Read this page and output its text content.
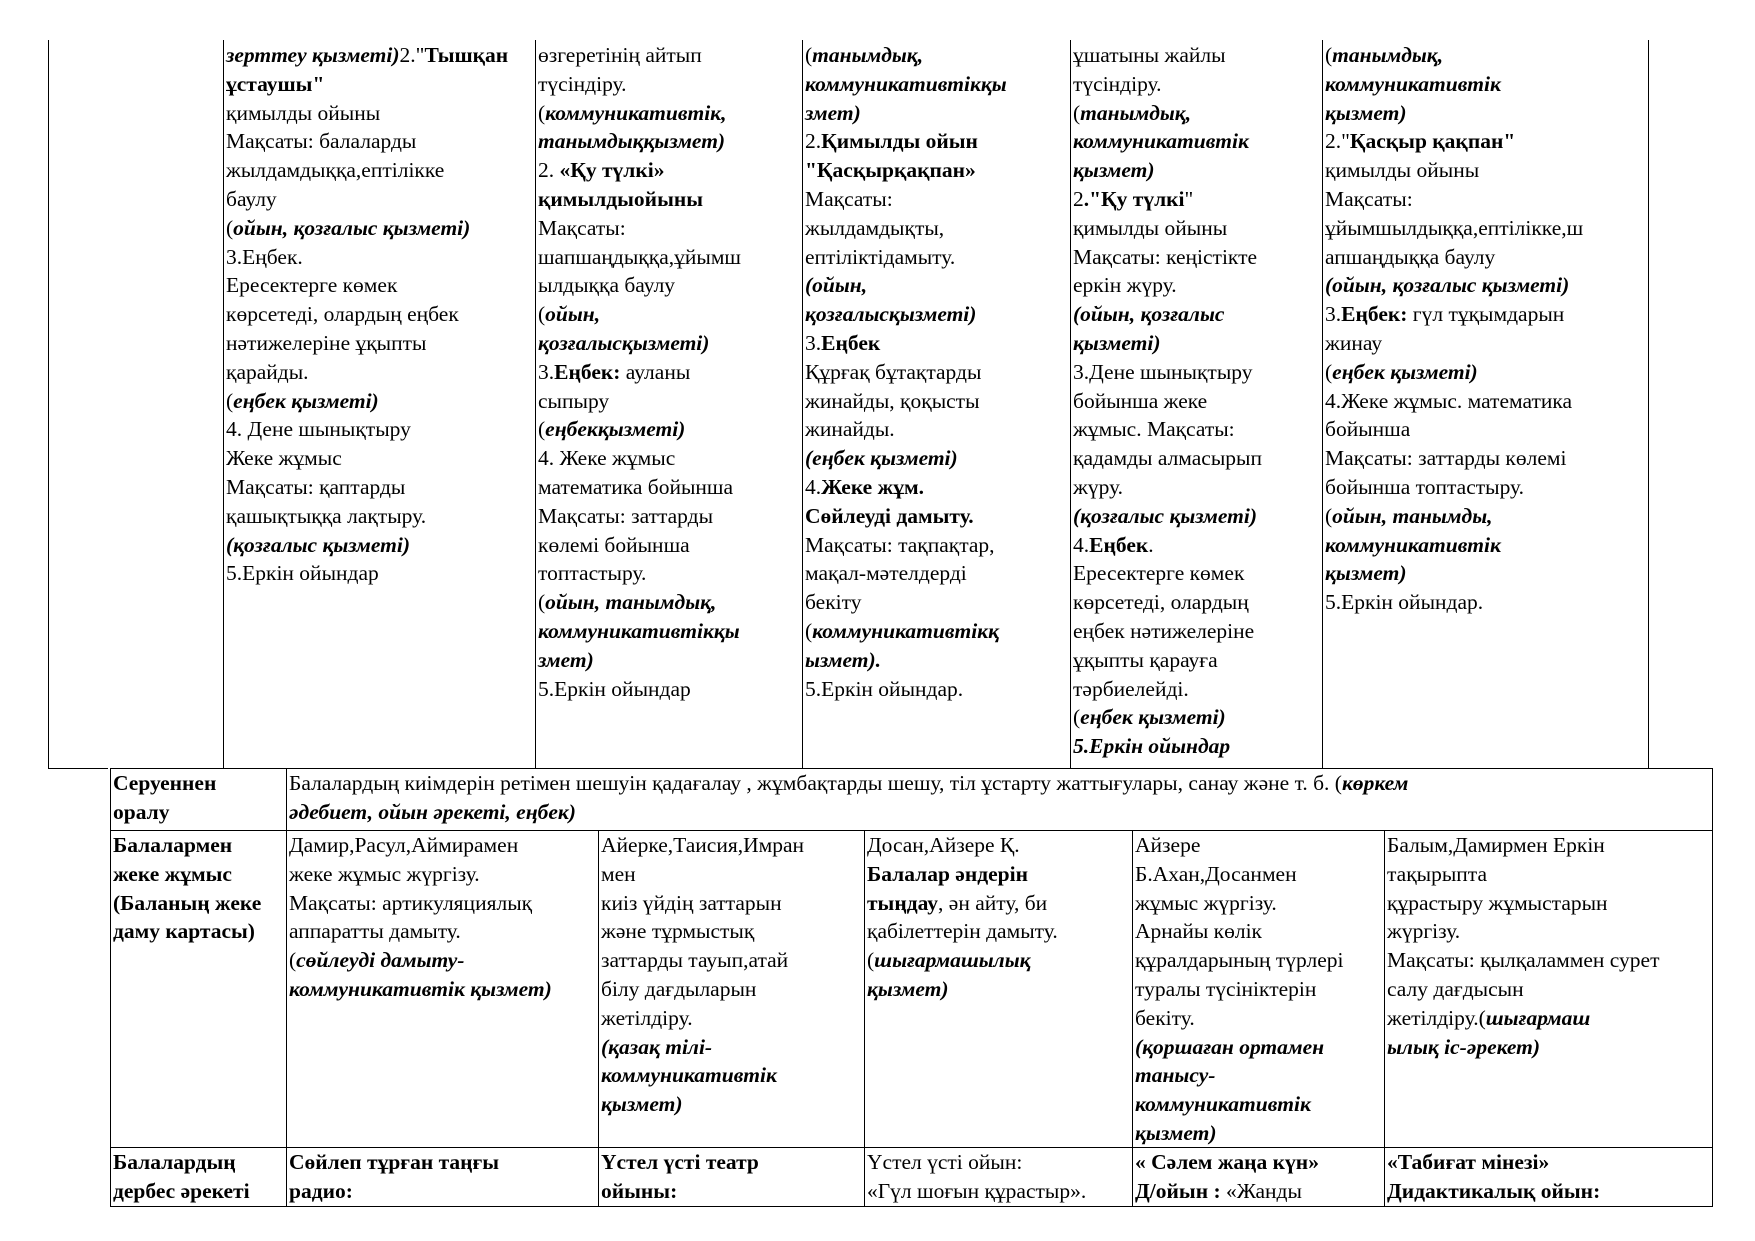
зерттеу қызметі)2."Тышқан ұстаушы"
қимылды ойыны
Мақсаты: балаларды
жылдамдыққа,ептілікке
баулу
(ойын, қозғалыс қызметі)
3.Еңбек.
Ересектерге көмек
көрсетеді, олардың еңбек
нәтижелеріне ұқыпты
қарайды.
(еңбек қызметі)
4. Дене шынықтыру
Жеке жұмыс
Мақсаты: қаптарды
қашықтыққа лақтыру.
(қозғалыс қызметі)
5.Еркін ойындар
өзгеретінің айтып
түсіндіру.
(коммуникативтік,
танымдыққызмет)
2. «Қу түлкі»
қимылдыойыны
Мақсаты:
шапшаңдыққа,ұйымш
ылдыққа баулу
(ойын,
қозғалысқызметі)
3.Еңбек: ауланы
сыпыру
(еңбекқызметі)
4. Жеке жұмыс
математика бойынша
Мақсаты: заттарды
көлемі бойынша
топтастыру.
(ойын, танымдық,
коммуникативтікқы
змет)
5.Еркін ойындар
(танымдық,
коммуникативтікқы
змет)
2.Қимылды ойын
"Қасқырқақпан»
Мақсаты:
жылдамдықты,
ептіліктідамыту.
(ойын,
қозғалысқызметі)
3.Еңбек
Құрғақ бұтақтарды
жинайды, қоқысты
жинайды.
(еңбек қызметі)
4.Жеке жұм.
Сөйлеуді дамыту.
Мақсаты: тақпақтар,
мақал-мәтелдерді
бекіту
(коммуникативтікқ
ызмет).
5.Еркін ойындар.
ұшатыны жайлы
түсіндіру.
(танымдық,
коммуникативтік
қызмет)
2."Қу түлкі"
қимылды ойыны
Мақсаты: кеңістікте
еркін жүру.
(ойын, қозғалыс
қызметі)
3.Дене шынықтыру
бойынша жеке
жұмыс. Мақсаты:
қадамды алмасырып
жүру.
(қозғалыс қызметі)
4.Еңбек.
Ересектерге көмек
көрсетеді, олардың
еңбек нәтижелеріне
ұқыпты қарауға
тәрбиелейді.
(еңбек қызметі)
5.Еркін ойындар
(танымдық,
коммуникативтік
қызмет)
2."Қасқыр қақпан"
қимылды ойыны
Мақсаты:
ұйымшылдыққа,ептілікке,ш
апшаңдыққа баулу
(ойын, қозғалыс қызметі)
3.Еңбек: гүл тұқымдарын
жинау
(еңбек қызметі)
4.Жеке жұмыс. математика
бойынша
Мақсаты: заттарды көлемі
бойынша топтастыру.
(ойын, танымды,
коммуникативтік
қызмет)
5.Еркін ойындар.
Серуеннен
оралу
Балалардың киімдерін ретімен шешуін қадағалау , жұмбақтарды шешу, тіл ұстарту жаттығулары, санау және т. б. (көркем
әдебиет, ойын әрекеті, еңбек)
Балалармен
жеке жұмыс
(Баланың жеке
даму картасы)
Дамир,Расул,Аймирамен
жеке жұмыс жүргізу.
Мақсаты: артикуляциялық
аппаратты дамыту.
(сөйлеуді дамыту-
коммуникативтік қызмет)
Айерке,Таисия,Имран
мен
киіз үйдің заттарын
және тұрмыстық
заттарды тауып,атай
білу дағдыларын
жетілдіру.
(қазақ тілі-
коммуникативтік
қызмет)
Досан,Айзере Қ.
Балалар әндерін
тыңдау, ән айту, би
қабілеттерін дамыту.
(шығармашылық
қызмет)
Айзере
Б.Ахан,Досанмен
жұмыс жүргізу.
Арнайы көлік
құралдарының түрлері
туралы түсініктерін
бекіту.
(қоршаған ортамен
танысу-
коммуникативтік
қызмет)
Балым,Дамирмен Еркін
тақырыпта
құрастыру жұмыстарын
жүргізу.
Мақсаты: қылқаламмен сурет
салу дағдысын
жетілдіру.(шығармаш
ылық іс-әрекет)
Балалардың
дербес әрекеті
Сөйлеп тұрған таңғы
радио:
Үстел үсті театр
ойыны:
Үстел үсті ойын:
«Гүл шоғын құрастыр».
« Сәлем жаңа күн»
Д/ойын : «Жанды
«Табиғат мінезі»
Дидактикалық ойын:
